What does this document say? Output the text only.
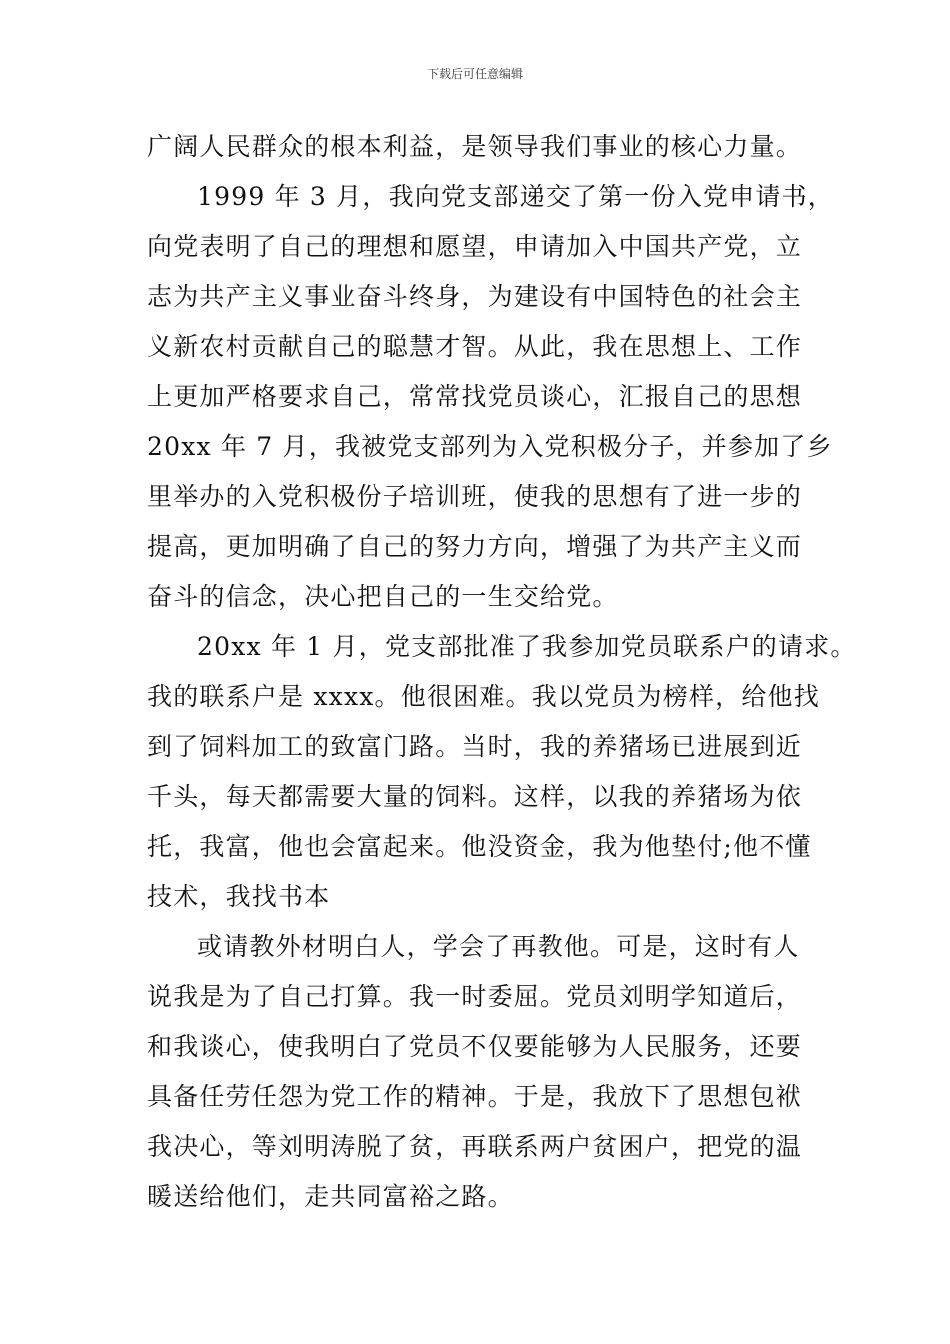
下载后可任意编辑
广阔人民群众的根本利益，是领导我们事业的核心力量。
1999 年 3 月，我向党支部递交了第一份入党申请书，
向党表明了自己的理想和愿望，申请加入中国共产党，立
志为共产主义事业奋斗终身，为建设有中国特色的社会主
义新农村贡献自己的聪慧才智。从此，我在思想上、工作
上更加严格要求自己，常常找党员谈心，汇报自己的思想
20xx 年 7 月，我被党支部列为入党积极分子，并参加了乡
里举办的入党积极份子培训班，使我的思想有了进一步的
提高，更加明确了自己的努力方向，增强了为共产主义而
奋斗的信念，决心把自己的一生交给党。
20xx 年 1 月，党支部批准了我参加党员联系户的请求。
我的联系户是 xxxx。他很困难。我以党员为榜样，给他找
到了饲料加工的致富门路。当时，我的养猪场已进展到近
千头，每天都需要大量的饲料。这样，以我的养猪场为依
托，我富，他也会富起来。他没资金，我为他垫付;他不懂
技术，我找书本
或请教外材明白人，学会了再教他。可是，这时有人
说我是为了自己打算。我一时委屈。党员刘明学知道后，
和我谈心，使我明白了党员不仅要能够为人民服务，还要
具备任劳任怨为党工作的精神。于是，我放下了思想包袱
我决心，等刘明涛脱了贫，再联系两户贫困户，把党的温
暖送给他们，走共同富裕之路。
